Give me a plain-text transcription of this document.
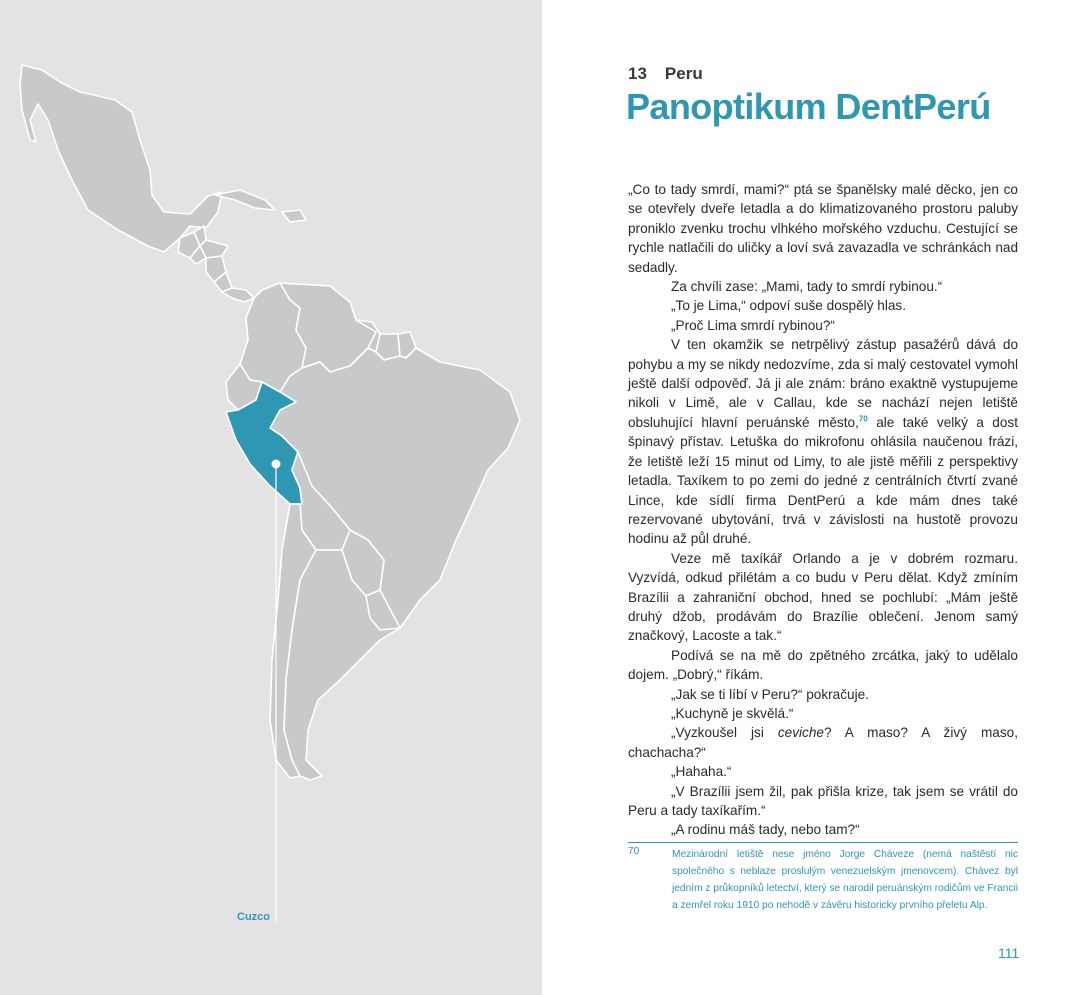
Cuzco
13 Peru
Panoptikum DentPerú

„Co to tady smrdí, mami?“ ptá se španělsky malé děcko, jen co se otevřely dveře letadla a do klimatizovaného prostoru paluby proniklo zvenku trochu vlhkého mořského vzduchu. Cestující se rychle natlačili do uličky a loví svá zavazadla ve schránkách nad sedadly.

Za chvíli zase: „Mami, tady to smrdí rybinou.“

„To je Lima,“ odpoví suše dospělý hlas.

„Proč Lima smrdí rybinou?“

V ten okamžik se netrpělivý zástup pasažérů dává do pohybu a my se nikdy nedozvíme, zda si malý cestovatel vymohl ještě další odpověď. Já ji ale znám: bráno exaktně vystupujeme nikoli v Limě, ale v Callau, kde se nachází nejen letiště obsluhující hlavní peruánské město,$^{70}$ ale také velký a dost špinavý přístav. Letuška do mikrofonu ohlásila naučenou frázi, že letiště leží 15 minut od Limy, to ale jistě měřili z perspektivy letadla. Taxíkem to po zemi do jedné z centrálních čtvrtí zvané Lince, kde sídlí firma DentPerú a kde mám dnes také rezervované ubytování, trvá v závislosti na hustotě provozu hodinu až půl druhé.

Veze mě taxíkář Orlando a je v dobrém rozmaru. Vyzvídá, odkud přilétám a co budu v Peru dělat. Když zmíním Brazílii a zahraniční obchod, hned se pochlubí: „Mám ještě druhý džob, prodávám do Brazílie oblečení. Jenom samý značkový, Lacoste a tak.“

Podívá se na mě do zpětného zrcátka, jaký to udělalo dojem. „Dobrý,“ říkám.

„Jak se ti líbí v Peru?“ pokračuje.

„Kuchyně je skvělá.“

„Vyzkoušel jsi ceviche? A maso? A živý maso, chachacha?“

„Hahaha.“

„V Brazílii jsem žil, pak přišla krize, tak jsem se vrátil do Peru a tady taxíkařím.“

„A rodinu máš tady, nebo tam?“

70	Mezinárodní letiště nese jméno Jorge Cháveze (nemá naštěstí nic společného s neblaze proslulým venezuelským jmenovcem). Chávez byl jedním z průkopníků letectví, který se narodil peruánským rodičům ve Francii a zemřel roku 1910 po nehodě v závěru historicky prvního přeletu Alp.
111
